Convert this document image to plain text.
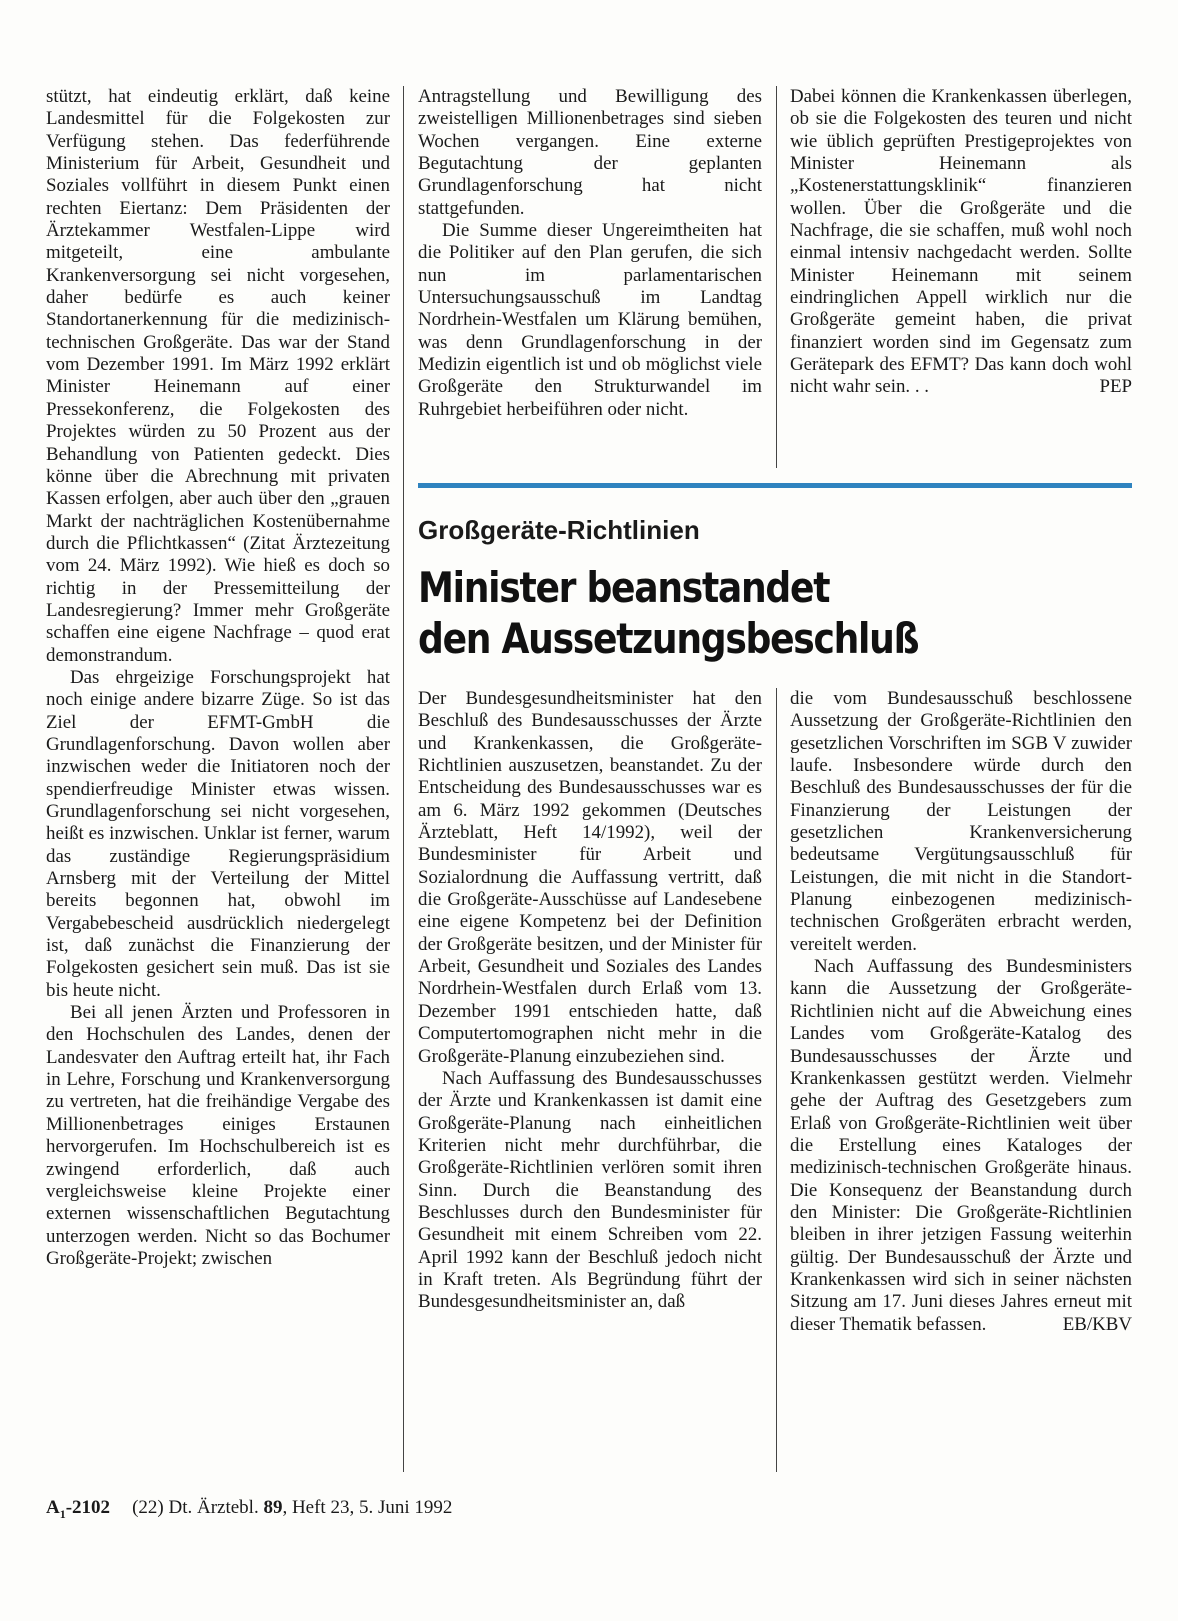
stützt, hat eindeutig erklärt, daß keine Landesmittel für die Folgekosten zur Verfügung stehen. Das federführende Ministerium für Arbeit, Gesundheit und Soziales vollführt in diesem Punkt einen rechten Eiertanz: Dem Präsidenten der Ärztekammer Westfalen-Lippe wird mitgeteilt, eine ambulante Krankenversorgung sei nicht vorgesehen, daher bedürfe es auch keiner Standortanerkennung für die medizinisch-technischen Großgeräte. Das war der Stand vom Dezember 1991. Im März 1992 erklärt Minister Heinemann auf einer Pressekonferenz, die Folgekosten des Projektes würden zu 50 Prozent aus der Behandlung von Patienten gedeckt. Dies könne über die Abrechnung mit privaten Kassen erfolgen, aber auch über den „grauen Markt der nachträglichen Kostenübernahme durch die Pflichtkassen“ (Zitat Ärztezeitung vom 24. März 1992). Wie hieß es doch so richtig in der Pressemitteilung der Landesregierung? Immer mehr Großgeräte schaffen eine eigene Nachfrage – quod erat demonstrandum.

Das ehrgeizige Forschungsprojekt hat noch einige andere bizarre Züge. So ist das Ziel der EFMT-GmbH die Grundlagenforschung. Davon wollen aber inzwischen weder die Initiatoren noch der spendierfreudige Minister etwas wissen. Grundlagenforschung sei nicht vorgesehen, heißt es inzwischen. Unklar ist ferner, warum das zuständige Regierungspräsidium Arnsberg mit der Verteilung der Mittel bereits begonnen hat, obwohl im Vergabebescheid ausdrücklich niedergelegt ist, daß zunächst die Finanzierung der Folgekosten gesichert sein muß. Das ist sie bis heute nicht.

Bei all jenen Ärzten und Professoren in den Hochschulen des Landes, denen der Landesvater den Auftrag erteilt hat, ihr Fach in Lehre, Forschung und Krankenversorgung zu vertreten, hat die freihändige Vergabe des Millionenbetrages einiges Erstaunen hervorgerufen. Im Hochschulbereich ist es zwingend erforderlich, daß auch vergleichsweise kleine Projekte einer externen wissenschaftlichen Begutachtung unterzogen werden. Nicht so das Bochumer Großgeräte-Projekt; zwischen

Antragstellung und Bewilligung des zweistelligen Millionenbetrages sind sieben Wochen vergangen. Eine externe Begutachtung der geplanten Grundlagenforschung hat nicht stattgefunden.

Die Summe dieser Ungereimtheiten hat die Politiker auf den Plan gerufen, die sich nun im parlamentarischen Untersuchungsausschuß im Landtag Nordrhein-Westfalen um Klärung bemühen, was denn Grundlagenforschung in der Medizin eigentlich ist und ob möglichst viele Großgeräte den Strukturwandel im Ruhrgebiet herbeiführen oder nicht.

Dabei können die Krankenkassen überlegen, ob sie die Folgekosten des teuren und nicht wie üblich geprüften Prestigeprojektes von Minister Heinemann als „Kostenerstattungsklinik“ finanzieren wollen. Über die Großgeräte und die Nachfrage, die sie schaffen, muß wohl noch einmal intensiv nachgedacht werden. Sollte Minister Heinemann mit seinem eindringlichen Appell wirklich nur die Großgeräte gemeint haben, die privat finanziert worden sind im Gegensatz zum Gerätepark des EFMT? Das kann doch wohl nicht wahr sein. . .	PEP

Großgeräte-Richtlinien
Minister beanstandet
den Aussetzungsbeschluß

Der Bundesgesundheitsminister hat den Beschluß des Bundesausschusses der Ärzte und Krankenkassen, die Großgeräte-Richtlinien auszusetzen, beanstandet. Zu der Entscheidung des Bundesausschusses war es am 6. März 1992 gekommen (Deutsches Ärzteblatt, Heft 14/1992), weil der Bundesminister für Arbeit und Sozialordnung die Auffassung vertritt, daß die Großgeräte-Ausschüsse auf Landesebene eine eigene Kompetenz bei der Definition der Großgeräte besitzen, und der Minister für Arbeit, Gesundheit und Soziales des Landes Nordrhein-Westfalen durch Erlaß vom 13. Dezember 1991 entschieden hatte, daß Computertomographen nicht mehr in die Großgeräte-Planung einzubeziehen sind.

Nach Auffassung des Bundesausschusses der Ärzte und Krankenkassen ist damit eine Großgeräte-Planung nach einheitlichen Kriterien nicht mehr durchführbar, die Großgeräte-Richtlinien verlören somit ihren Sinn. Durch die Beanstandung des Beschlusses durch den Bundesminister für Gesundheit mit einem Schreiben vom 22. April 1992 kann der Beschluß jedoch nicht in Kraft treten. Als Begründung führt der Bundesgesundheitsminister an, daß

die vom Bundesausschuß beschlossene Aussetzung der Großgeräte-Richtlinien den gesetzlichen Vorschriften im SGB V zuwider laufe. Insbesondere würde durch den Beschluß des Bundesausschusses der für die Finanzierung der Leistungen der gesetzlichen Krankenversicherung bedeutsame Vergütungsausschluß für Leistungen, die mit nicht in die Standort-Planung einbezogenen medizinisch-technischen Großgeräten erbracht werden, vereitelt werden.

Nach Auffassung des Bundesministers kann die Aussetzung der Großgeräte-Richtlinien nicht auf die Abweichung eines Landes vom Großgeräte-Katalog des Bundesausschusses der Ärzte und Krankenkassen gestützt werden. Vielmehr gehe der Auftrag des Gesetzgebers zum Erlaß von Großgeräte-Richtlinien weit über die Erstellung eines Kataloges der medizinisch-technischen Großgeräte hinaus. Die Konsequenz der Beanstandung durch den Minister: Die Großgeräte-Richtlinien bleiben in ihrer jetzigen Fassung weiterhin gültig. Der Bundesausschuß der Ärzte und Krankenkassen wird sich in seiner nächsten Sitzung am 17. Juni dieses Jahres erneut mit dieser Thematik befassen.	EB/KBV

$A_1-2102$ (22) Dt. Ärztebl. 89, Heft 23, 5. Juni 1992
